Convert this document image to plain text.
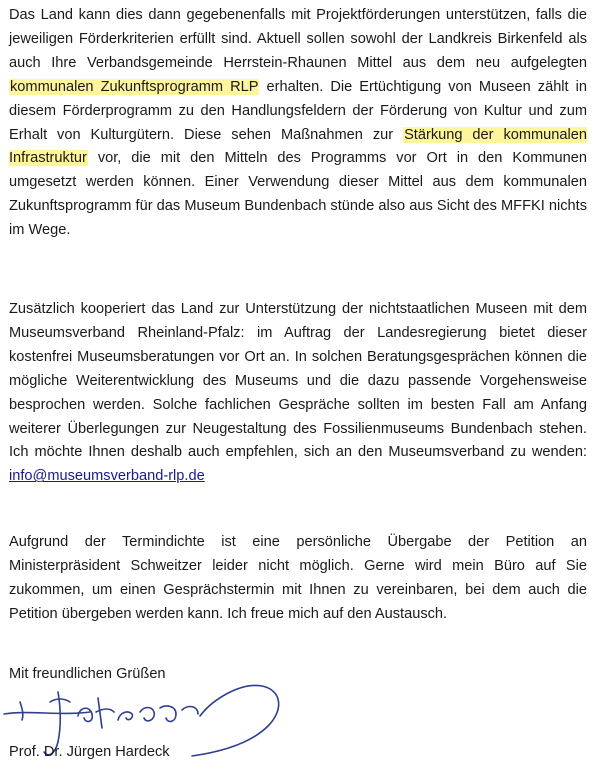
Das Land kann dies dann gegebenenfalls mit Projektförderungen unterstützen, falls die jeweiligen Förderkriterien erfüllt sind. Aktuell sollen sowohl der Landkreis Birkenfeld als auch Ihre Verbandsgemeinde Herrstein-Rhaunen Mittel aus dem neu aufgelegten kommunalen Zukunftsprogramm RLP erhalten. Die Ertüchtigung von Museen zählt in diesem Förderprogramm zu den Handlungsfeldern der Förderung von Kultur und zum Erhalt von Kulturgütern. Diese sehen Maßnahmen zur Stärkung der kommunalen Infrastruktur vor, die mit den Mitteln des Programms vor Ort in den Kommunen umgesetzt werden können. Einer Verwendung dieser Mittel aus dem kommunalen Zukunftsprogramm für das Museum Bundenbach stünde also aus Sicht des MFFKI nichts im Wege.

Zusätzlich kooperiert das Land zur Unterstützung der nichtstaatlichen Museen mit dem Museumsverband Rheinland-Pfalz: im Auftrag der Landesregierung bietet dieser kostenfrei Museumsberatungen vor Ort an. In solchen Beratungsgesprächen können die mögliche Weiterentwicklung des Museums und die dazu passende Vorgehensweise besprochen werden. Solche fachlichen Gespräche sollten im besten Fall am Anfang weiterer Überlegungen zur Neugestaltung des Fossilienmuseums Bundenbach stehen. Ich möchte Ihnen deshalb auch empfehlen, sich an den Museumsverband zu wenden: info@museumsverband-rlp.de

Aufgrund der Termindichte ist eine persönliche Übergabe der Petition an Ministerpräsident Schweitzer leider nicht möglich. Gerne wird mein Büro auf Sie zukommen, um einen Gesprächstermin mit Ihnen zu vereinbaren, bei dem auch die Petition übergeben werden kann. Ich freue mich auf den Austausch.

Mit freundlichen Grüßen
Prof. Dr. Jürgen Hardeck
